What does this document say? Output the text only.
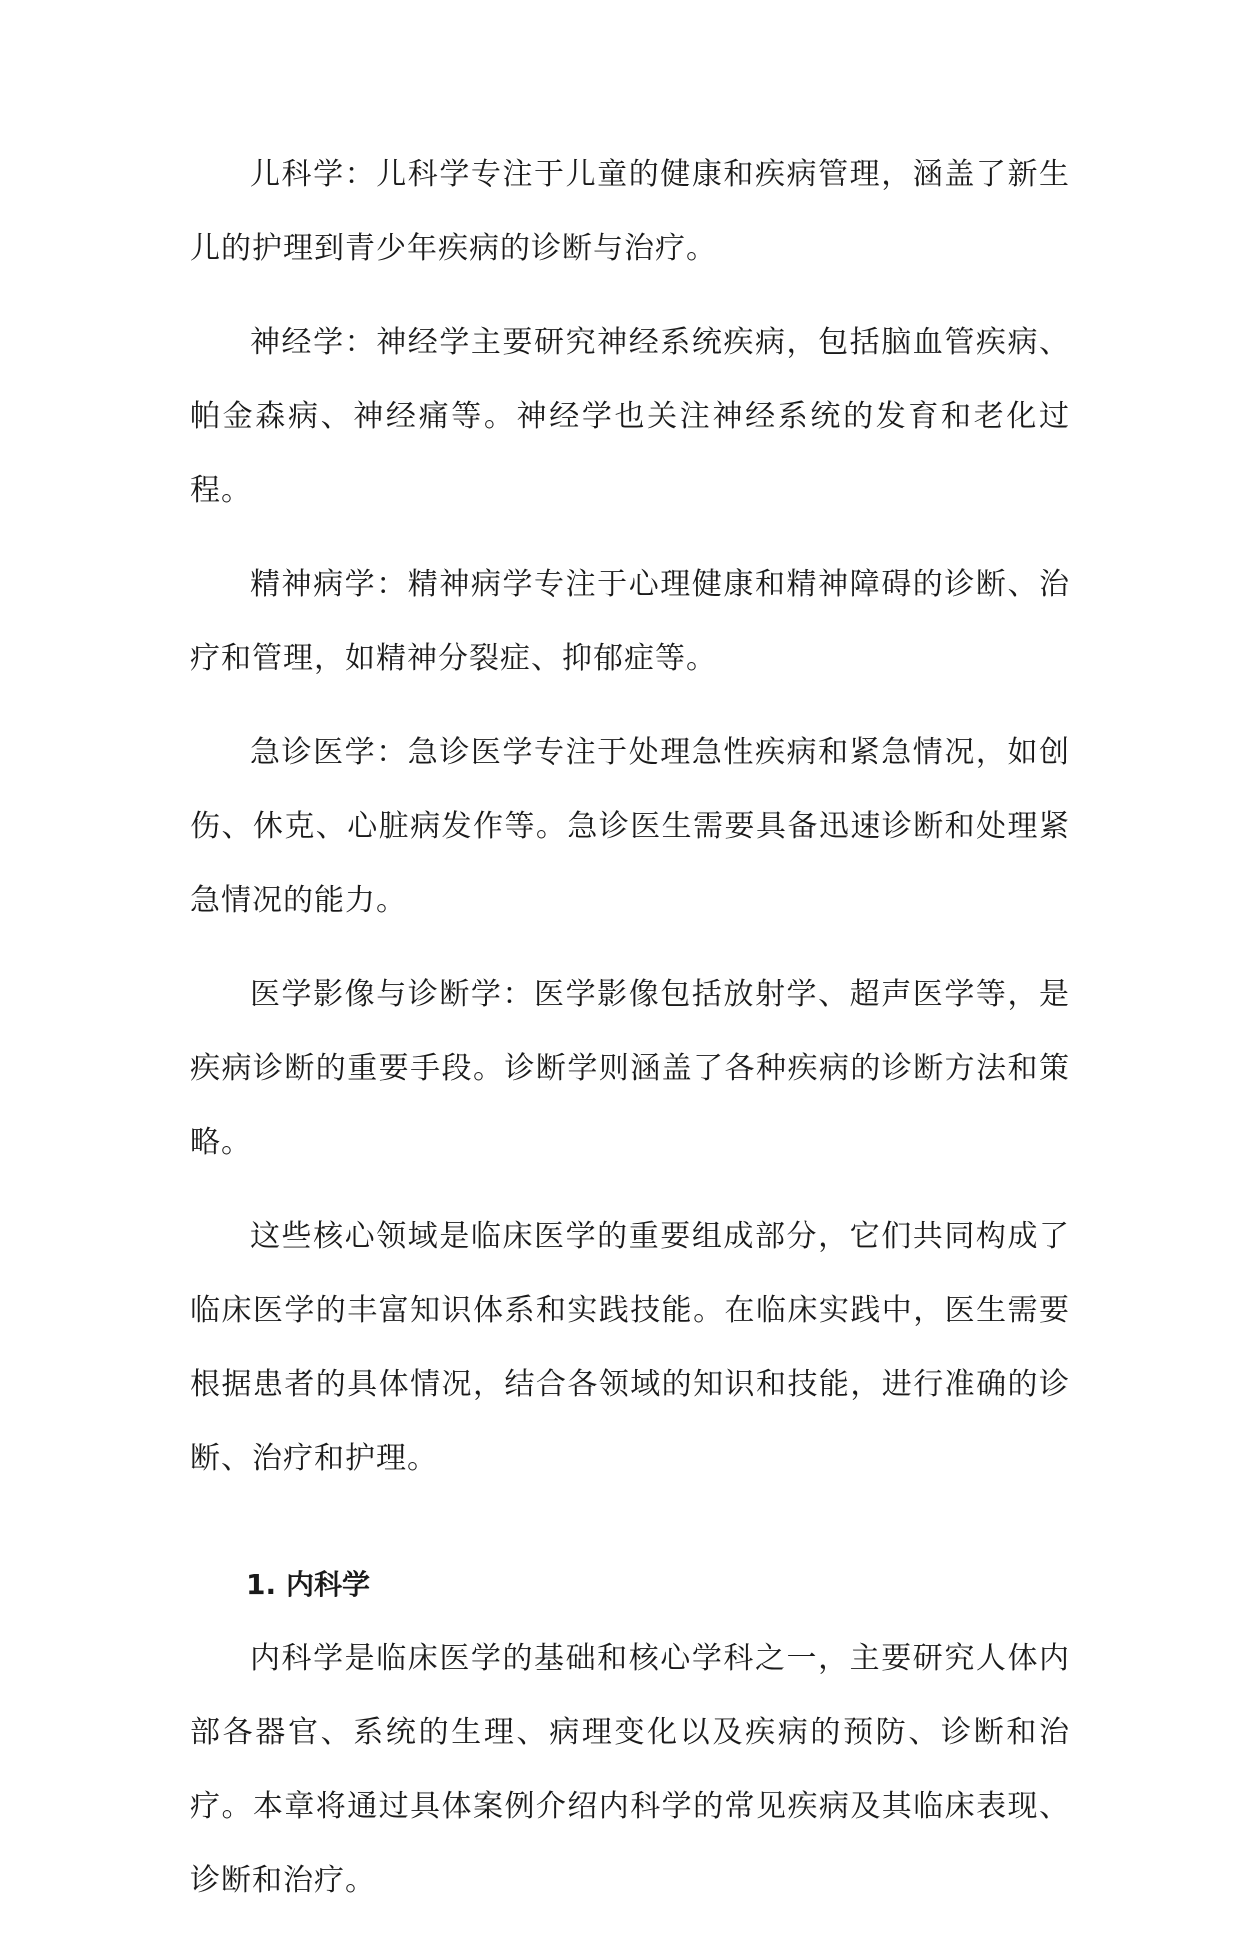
儿科学：儿科学专注于儿童的健康和疾病管理，涵盖了新生儿的护理到青少年疾病的诊断与治疗。

神经学：神经学主要研究神经系统疾病，包括脑血管疾病、帕金森病、神经痛等。神经学也关注神经系统的发育和老化过程。

精神病学：精神病学专注于心理健康和精神障碍的诊断、治疗和管理，如精神分裂症、抑郁症等。

急诊医学：急诊医学专注于处理急性疾病和紧急情况，如创伤、休克、心脏病发作等。急诊医生需要具备迅速诊断和处理紧急情况的能力。

医学影像与诊断学：医学影像包括放射学、超声医学等，是疾病诊断的重要手段。诊断学则涵盖了各种疾病的诊断方法和策略。

这些核心领域是临床医学的重要组成部分，它们共同构成了临床医学的丰富知识体系和实践技能。在临床实践中，医生需要根据患者的具体情况，结合各领域的知识和技能，进行准确的诊断、治疗和护理。

1. 内科学

内科学是临床医学的基础和核心学科之一，主要研究人体内部各器官、系统的生理、病理变化以及疾病的预防、诊断和治疗。本章将通过具体案例介绍内科学的常见疾病及其临床表现、诊断和治疗。
